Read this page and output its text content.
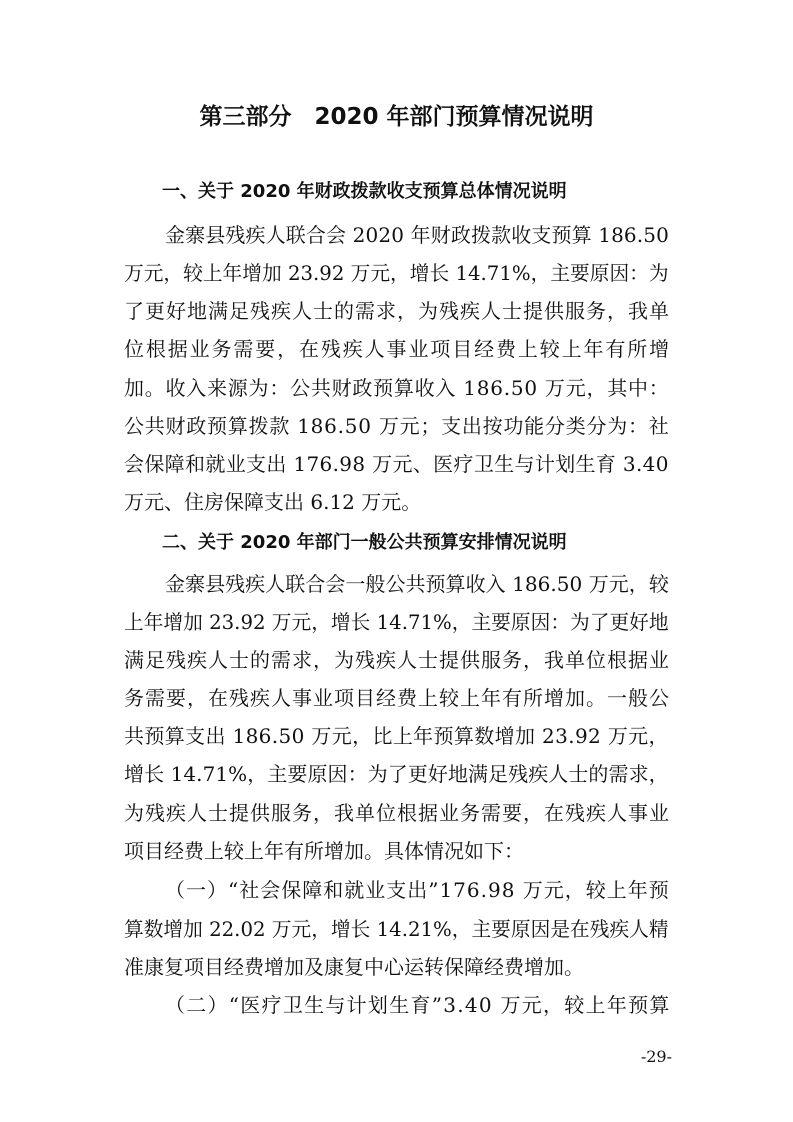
第三部分　2020 年部门预算情况说明
一、关于 2020 年财政拨款收支预算总体情况说明
金寨县残疾人联合会 2020 年财政拨款收支预算 186.50
万元，较上年增加 23.92 万元，增长 14.71%，主要原因：为
了更好地满足残疾人士的需求，为残疾人士提供服务，我单
位根据业务需要，在残疾人事业项目经费上较上年有所增
加。收入来源为：公共财政预算收入 186.50 万元，其中：
公共财政预算拨款 186.50 万元；支出按功能分类分为：社
会保障和就业支出 176.98 万元、医疗卫生与计划生育 3.40
万元、住房保障支出 6.12 万元。
二、关于 2020 年部门一般公共预算安排情况说明
金寨县残疾人联合会一般公共预算收入 186.50 万元，较
上年增加 23.92 万元，增长 14.71%，主要原因：为了更好地
满足残疾人士的需求，为残疾人士提供服务，我单位根据业
务需要，在残疾人事业项目经费上较上年有所增加。一般公
共预算支出 186.50 万元，比上年预算数增加 23.92 万元，
增长 14.71%，主要原因：为了更好地满足残疾人士的需求，
为残疾人士提供服务，我单位根据业务需要，在残疾人事业
项目经费上较上年有所增加。具体情况如下：
（一）“社会保障和就业支出”176.98 万元，较上年预
算数增加 22.02 万元，增长 14.21%，主要原因是在残疾人精
准康复项目经费增加及康复中心运转保障经费增加。
（二）“医疗卫生与计划生育”3.40 万元，较上年预算
-29-
